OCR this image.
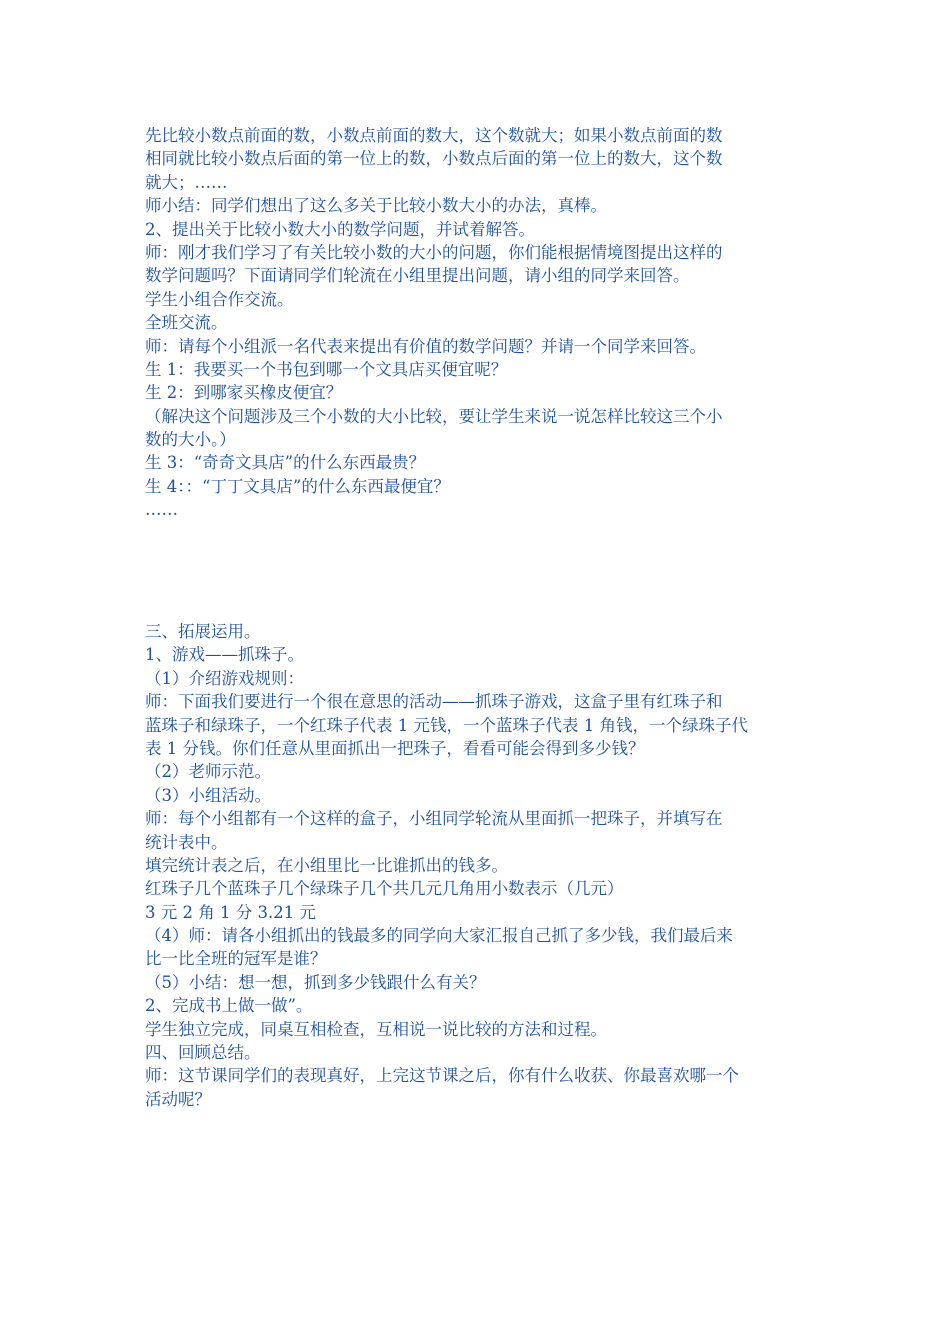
先比较小数点前面的数，小数点前面的数大，这个数就大；如果小数点前面的数
相同就比较小数点后面的第一位上的数，小数点后面的第一位上的数大，这个数
就大；……
师小结：同学们想出了这么多关于比较小数大小的办法，真棒。
2、提出关于比较小数大小的数学问题，并试着解答。
师：刚才我们学习了有关比较小数的大小的问题，你们能根据情境图提出这样的
数学问题吗？下面请同学们轮流在小组里提出问题，请小组的同学来回答。
学生小组合作交流。
全班交流。
师：请每个小组派一名代表来提出有价值的数学问题？并请一个同学来回答。
生 1：我要买一个书包到哪一个文具店买便宜呢？
生 2：到哪家买橡皮便宜？
（解决这个问题涉及三个小数的大小比较，要让学生来说一说怎样比较这三个小
数的大小。）
生 3：“奇奇文具店”的什么东西最贵？
生 4：：“丁丁文具店”的什么东西最便宜？
……
三、拓展运用。
1、游戏——抓珠子。
（1）介绍游戏规则：
师：下面我们要进行一个很在意思的活动——抓珠子游戏，这盒子里有红珠子和
蓝珠子和绿珠子，一个红珠子代表 1 元钱，一个蓝珠子代表 1 角钱，一个绿珠子代
表 1 分钱。你们任意从里面抓出一把珠子，看看可能会得到多少钱？
（2）老师示范。
（3）小组活动。
师：每个小组都有一个这样的盒子，小组同学轮流从里面抓一把珠子，并填写在
统计表中。
填完统计表之后，在小组里比一比谁抓出的钱多。
红珠子几个蓝珠子几个绿珠子几个共几元几角用小数表示（几元）
3 元 2 角 1 分 3.21 元
（4）师：请各小组抓出的钱最多的同学向大家汇报自己抓了多少钱，我们最后来
比一比全班的冠军是谁？
（5）小结：想一想，抓到多少钱跟什么有关？
2、完成书上做一做”。
学生独立完成，同桌互相检查，互相说一说比较的方法和过程。
四、回顾总结。
师：这节课同学们的表现真好，上完这节课之后，你有什么收获、你最喜欢哪一个
活动呢？
